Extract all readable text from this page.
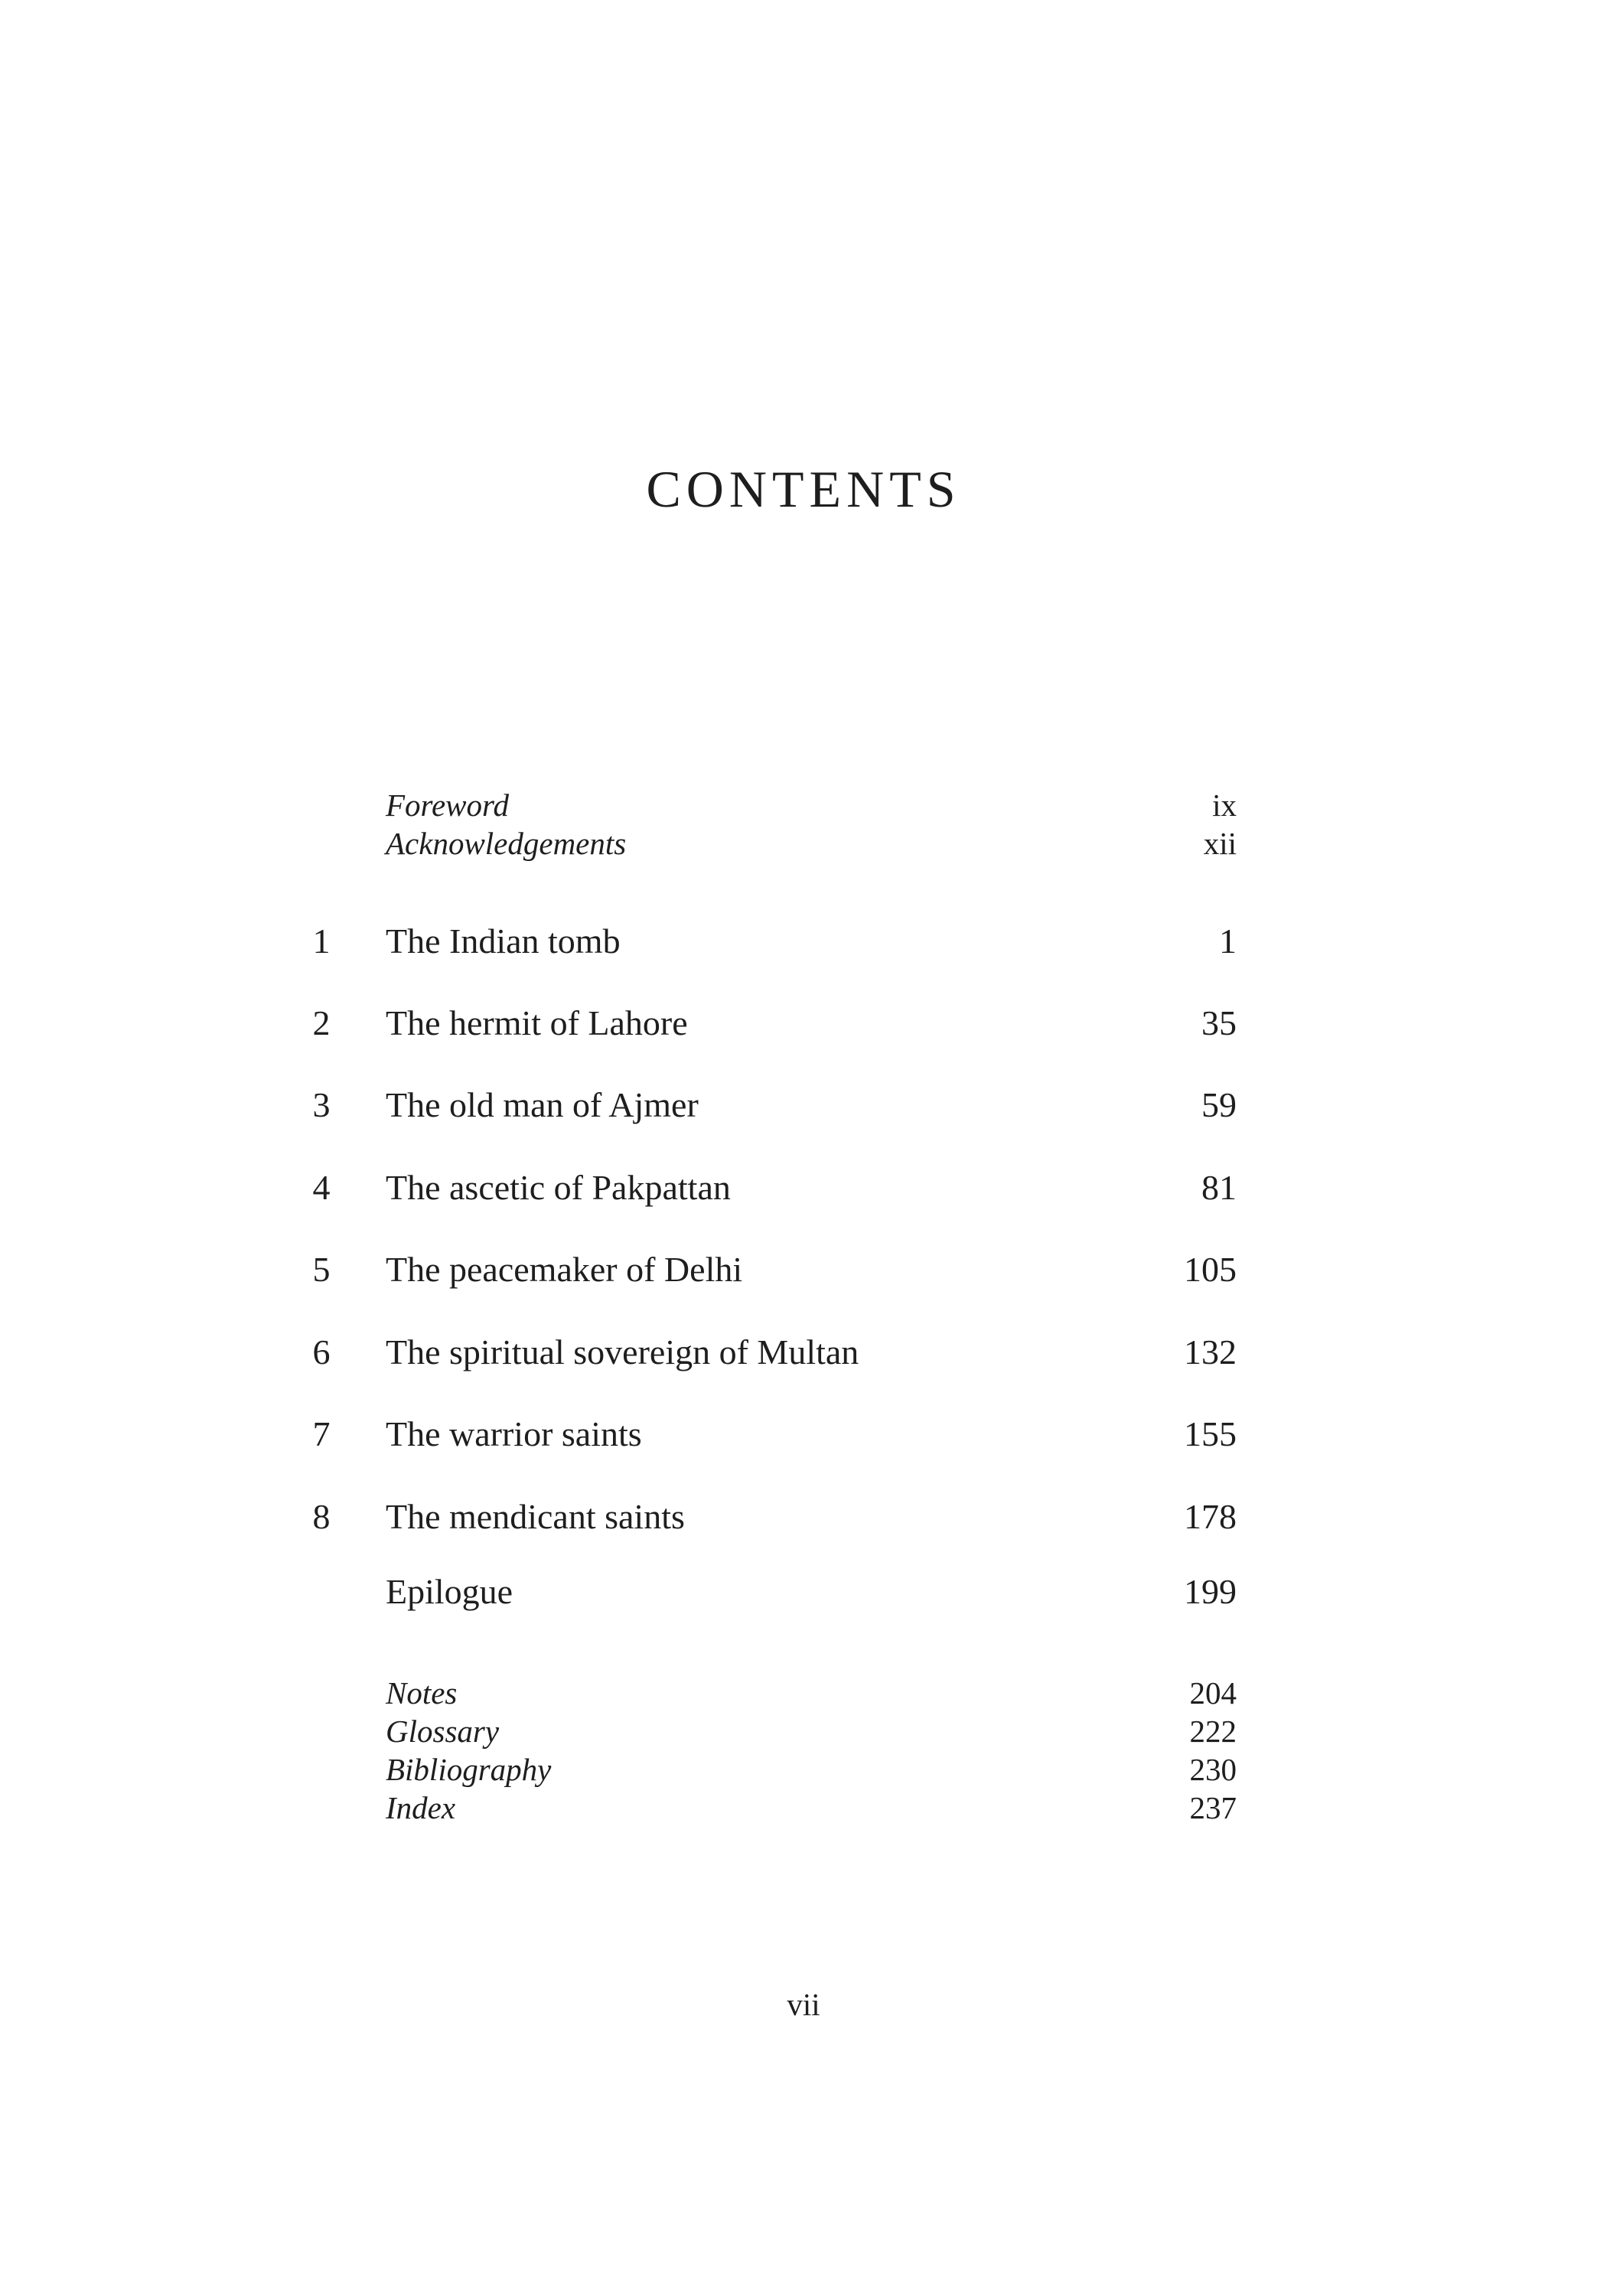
CONTENTS
Foreword	ix
Acknowledgements	xii
1	The Indian tomb	1
2	The hermit of Lahore	35
3	The old man of Ajmer	59
4	The ascetic of Pakpattan	81
5	The peacemaker of Delhi	105
6	The spiritual sovereign of Multan	132
7	The warrior saints	155
8	The mendicant saints	178
Epilogue	199
Notes	204
Glossary	222
Bibliography	230
Index	237
vii
